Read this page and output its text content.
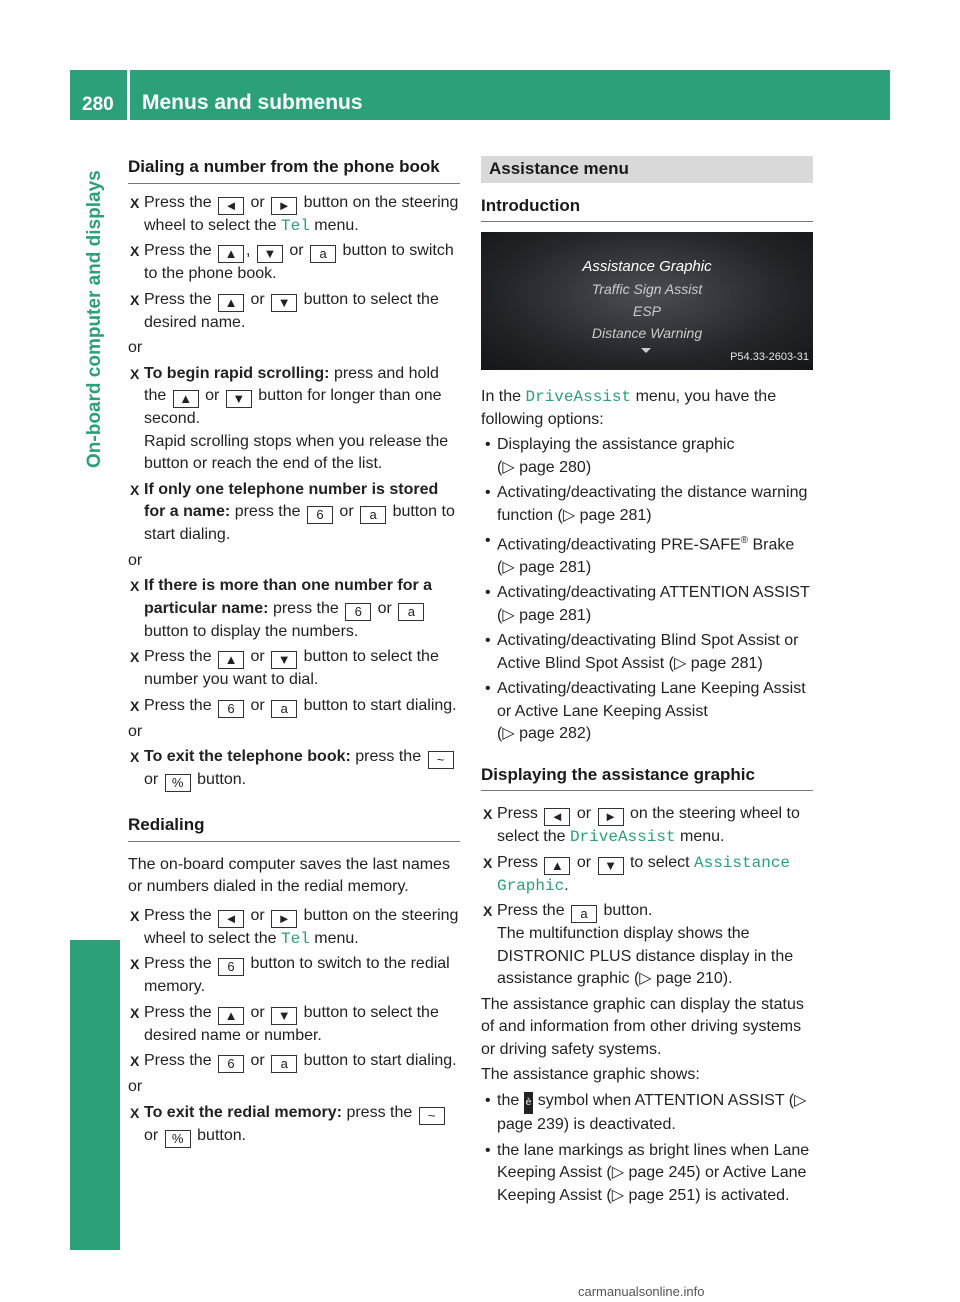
280	Menus and submenus
On-board computer and displays
Dialing a number from the phone book
X Press the ◄ or ► button on the steering wheel to select the Tel menu.
X Press the ▲ , ▼ or a button to switch to the phone book.
X Press the ▲ or ▼ button to select the desired name.
or
X To begin rapid scrolling: press and hold the ▲ or ▼ button for longer than one second.
Rapid scrolling stops when you release the button or reach the end of the list.
X If only one telephone number is stored for a name: press the 6 or a button to start dialing.
or
X If there is more than one number for a particular name: press the 6 or a button to display the numbers.
X Press the ▲ or ▼ button to select the number you want to dial.
X Press the 6 or a button to start dialing.
or
X To exit the telephone book: press the ~ or % button.
Redialing
The on-board computer saves the last names or numbers dialed in the redial memory.
X Press the ◄ or ► button on the steering wheel to select the Tel menu.
X Press the 6 button to switch to the redial memory.
X Press the ▲ or ▼ button to select the desired name or number.
X Press the 6 or a button to start dialing.
or
X To exit the redial memory: press the ~ or % button.
Assistance menu
Introduction
Assistance Graphic
Traffic Sign Assist
ESP
Distance Warning
P54.33-2603-31
In the DriveAssist menu, you have the following options:
• Displaying the assistance graphic
(▷ page 280)
• Activating/deactivating the distance warning function (▷ page 281)
• Activating/deactivating PRE-SAFE® Brake
(▷ page 281)
• Activating/deactivating ATTENTION ASSIST (▷ page 281)
• Activating/deactivating Blind Spot Assist or Active Blind Spot Assist (▷ page 281)
• Activating/deactivating Lane Keeping Assist or Active Lane Keeping Assist
(▷ page 282)
Displaying the assistance graphic
X Press ◄ or ► on the steering wheel to select the DriveAssist menu.
X Press ▲ or ▼ to select Assistance Graphic.
X Press the a button.
The multifunction display shows the DISTRONIC PLUS distance display in the assistance graphic (▷ page 210).
The assistance graphic can display the status of and information from other driving systems or driving safety systems.
The assistance graphic shows:
• the è symbol when ATTENTION ASSIST (▷ page 239) is deactivated.
• the lane markings as bright lines when Lane Keeping Assist (▷ page 245) or Active Lane Keeping Assist (▷ page 251) is activated.
carmanualsonline.info
